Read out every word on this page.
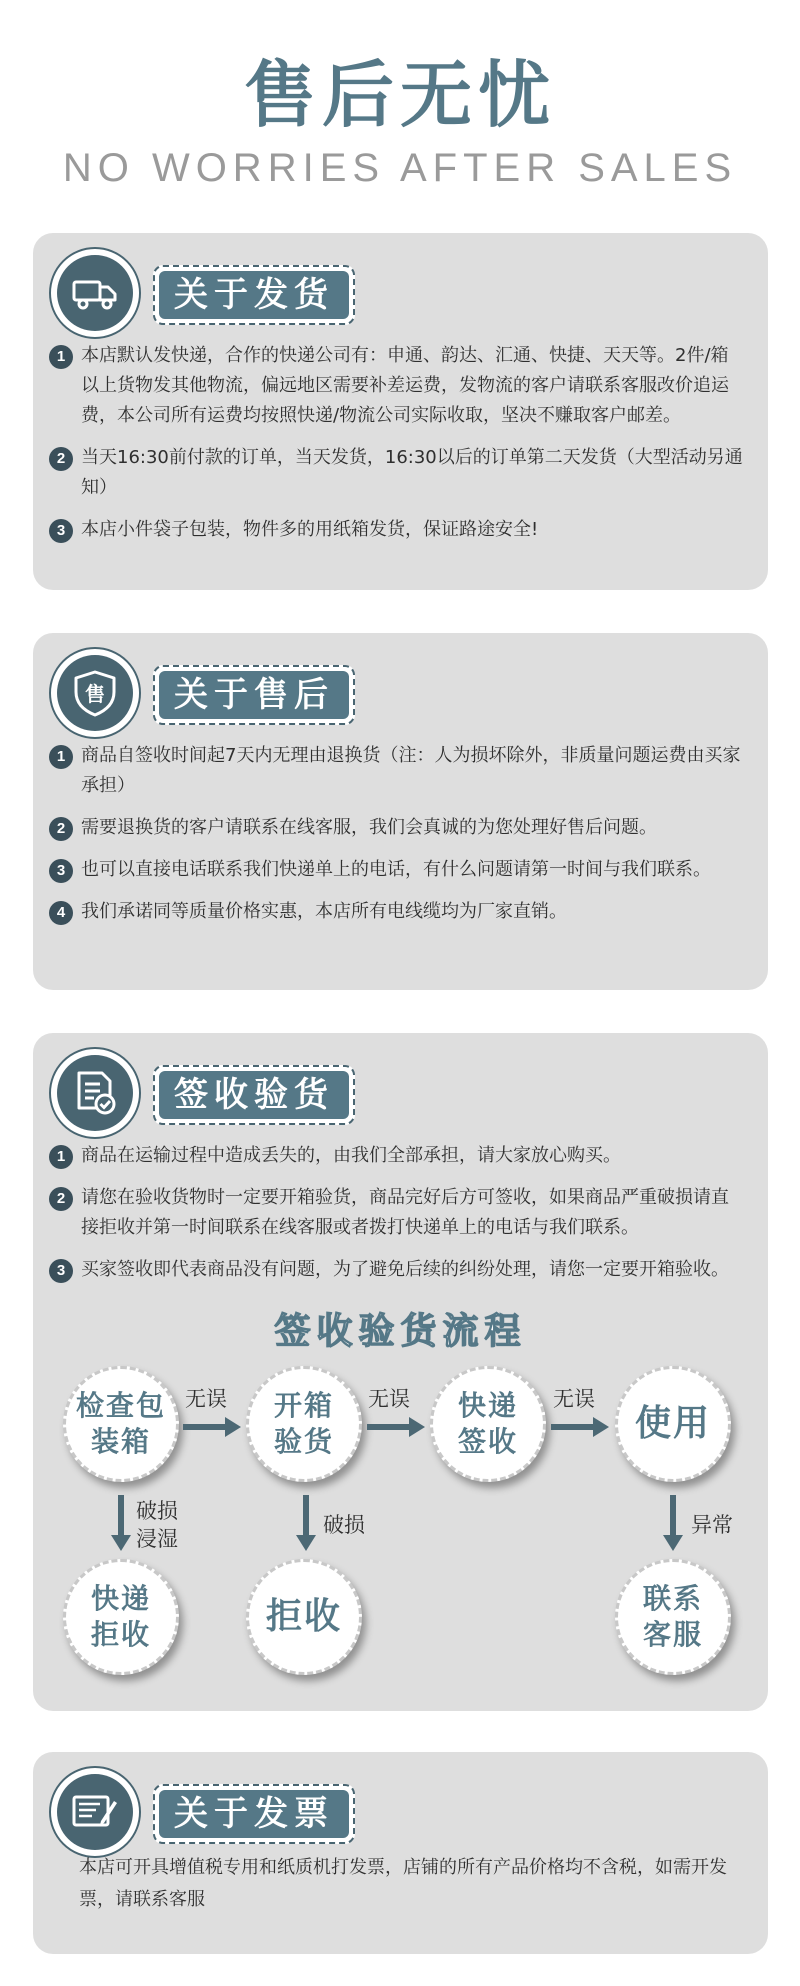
售后无忧
NO WORRIES AFTER SALES
关于发货
1 本店默认发快递，合作的快递公司有：申通、韵达、汇通、快捷、天天等。2件/箱以上货物发其他物流，偏远地区需要补差运费，发物流的客户请联系客服改价追运费，本公司所有运费均按照快递/物流公司实际收取，坚决不赚取客户邮差。
2 当天16:30前付款的订单，当天发货，16:30以后的订单第二天发货（大型活动另通知）
3 本店小件袋子包装，物件多的用纸箱发货，保证路途安全!
售	关于售后
1 商品自签收时间起7天内无理由退换货（注：人为损坏除外，非质量问题运费由买家承担）
2 需要退换货的客户请联系在线客服，我们会真诚的为您处理好售后问题。
3 也可以直接电话联系我们快递单上的电话，有什么问题请第一时间与我们联系。
4 我们承诺同等质量价格实惠，本店所有电线缆均为厂家直销。
签收验货
1 商品在运输过程中造成丢失的，由我们全部承担，请大家放心购买。
2 请您在验收货物时一定要开箱验货，商品完好后方可签收，如果商品严重破损请直接拒收并第一时间联系在线客服或者拨打快递单上的电话与我们联系。
3 买家签收即代表商品没有问题，为了避免后续的纠纷处理，请您一定要开箱验收。
签收验货流程
检查包
装箱
开箱
验货
快递
签收	使用
无误	无误	无误
破损
浸湿
破损	异常
快递
拒收	拒收	联系
客服
关于发票
本店可开具增值税专用和纸质机打发票，店铺的所有产品价格均不含税，如需开发票，请联系客服
